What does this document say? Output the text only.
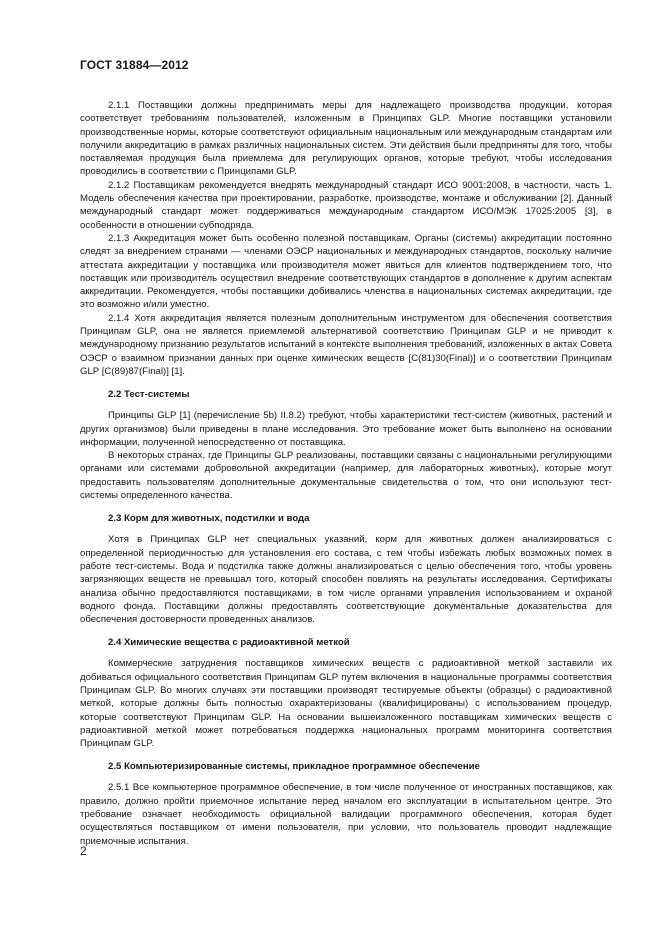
ГОСТ 31884—2012

2.1.1 Поставщики должны предпринимать меры для надлежащего производства продукции, которая соответствует требованиям пользователей, изложенным в Принципах GLP. Многие поставщики установили производственные нормы, которые соответствуют официальным национальным или международным стандартам или получили аккредитацию в рамках различных национальных систем. Эти действия были предприняты для того, чтобы поставляемая продукция была приемлема для регулирующих органов, которые требуют, чтобы исследования проводились в соответствии с Принципами GLP.

2.1.2 Поставщикам рекомендуется внедрять международный стандарт ИСО 9001:2008, в частности, часть 1. Модель обеспечения качества при проектировании, разработке, производстве, монтаже и обслуживании [2]. Данный международный стандарт может поддерживаться международным стандартом ИСО/МЭК 17025:2005 [3], в особенности в отношении субподряда.

2.1.3 Аккредитация может быть особенно полезной поставщикам. Органы (системы) аккредитации постоянно следят за внедрением странами — членами ОЭСР национальных и международных стандартов, поскольку наличие аттестата аккредитации у поставщика или производителя может явиться для клиентов подтверждением того, что поставщик или производитель осуществил внедрение соответствующих стандартов в дополнение к другим аспектам аккредитации. Рекомендуется, чтобы поставщики добивались членства в национальных системах аккредитации, где это возможно и/или уместно.

2.1.4 Хотя аккредитация является полезным дополнительным инструментом для обеспечения соответствия Принципам GLP, она не является приемлемой альтернативой соответствию Принципам GLP и не приводит к международному признанию результатов испытаний в контексте выполнения требований, изложенных в актах Совета ОЭСР о взаимном признании данных при оценке химических веществ [C(81)30(Final)] и о соответствии Принципам GLP [C(89)87(Final)] [1].

2.2 Тест-системы

Принципы GLP [1] (перечисление 5b) II.8.2) требуют, чтобы характеристики тест-систем (животных, растений и других организмов) были приведены в плане исследования. Это требование может быть выполнено на основании информации, полученной непосредственно от поставщика.

В некоторых странах, где Принципы GLP реализованы, поставщики связаны с национальными регулирующими органами или системами добровольной аккредитации (например, для лабораторных животных), которые могут предоставить пользователям дополнительные документальные свидетельства о том, что они используют тест-системы определенного качества.

2.3 Корм для животных, подстилки и вода

Хотя в Принципах GLP нет специальных указаний, корм для животных должен анализироваться с определенной периодичностью для установления его состава, с тем чтобы избежать любых возможных помех в работе тест-системы. Вода и подстилка также должны анализироваться с целью обеспечения того, чтобы уровень загрязняющих веществ не превышал того, который способен повлиять на результаты исследования. Сертификаты анализа обычно предоставляются поставщиками, в том числе органами управления использованием и охраной водного фонда. Поставщики должны предоставлять соответствующие документальные доказательства для обеспечения достоверности проведенных анализов.

2.4 Химические вещества с радиоактивной меткой

Коммерческие затруднения поставщиков химических веществ с радиоактивной меткой заставили их добиваться официального соответствия Принципам GLP путем включения в национальные программы соответствия Принципам GLP. Во многих случаях эти поставщики производят тестируемые объекты (образцы) с радиоактивной меткой, которые должны быть полностью охарактеризованы (квалифицированы) с использованием процедур, которые соответствуют Принципам GLP. На основании вышеизложенного поставщикам химических веществ с радиоактивной меткой может потребоваться поддержка национальных программ мониторинга соответствия Принципам GLP.

2.5 Компьютеризированные системы, прикладное программное обеспечение

2.5.1 Все компьютерное программное обеспечение, в том числе полученное от иностранных поставщиков, как правило, должно пройти приемочное испытание перед началом его эксплуатации в испытательном центре. Это требование означает необходимость официальной валидации программного обеспечения, которая будет осуществляться поставщиком от имени пользователя, при условии, что пользователь проводит надлежащие приемочные испытания.

2
